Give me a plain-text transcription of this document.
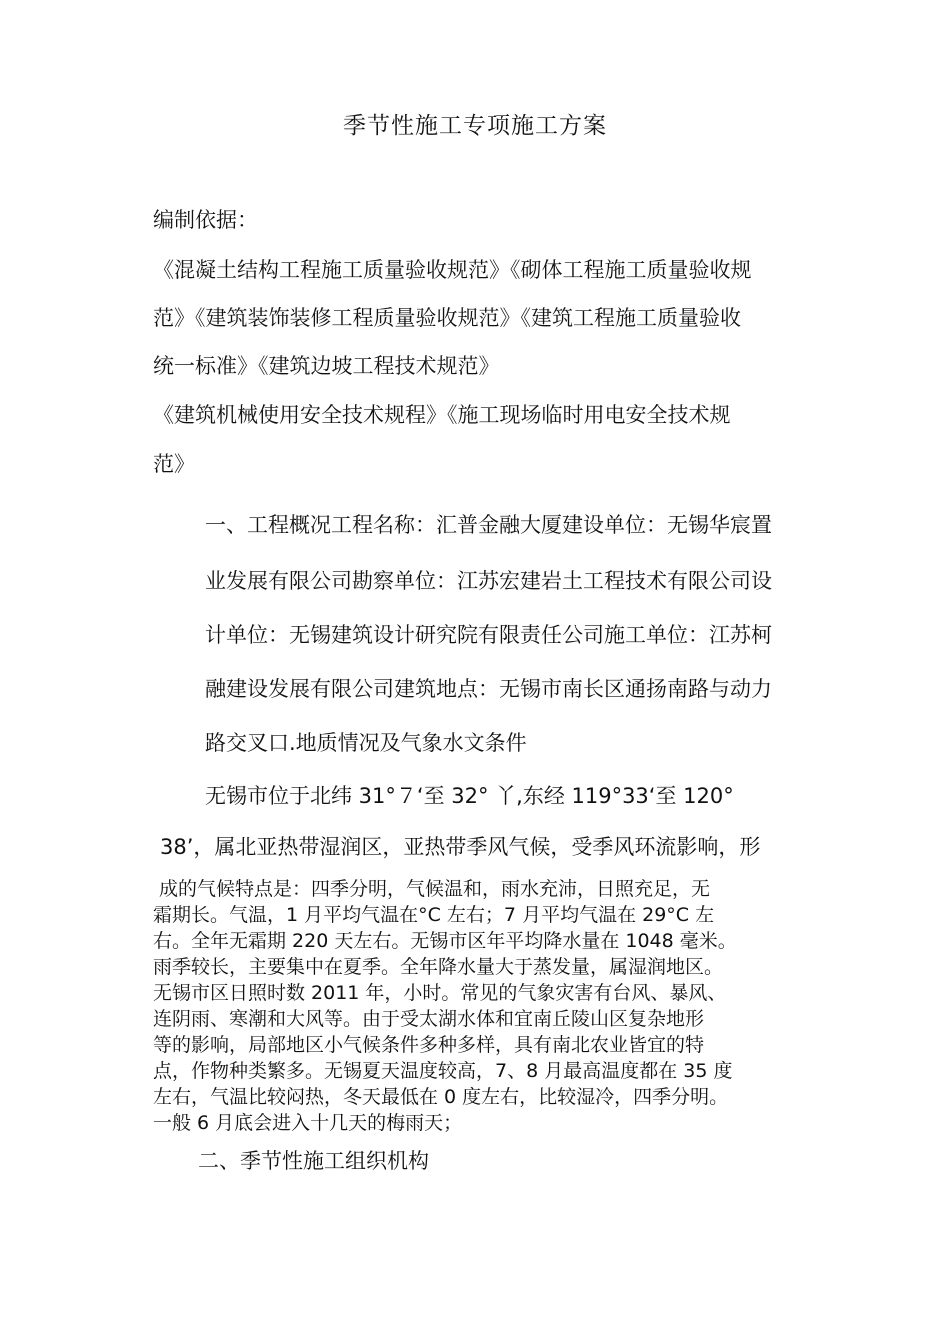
季节性施工专项施工方案
编制依据：
《混凝土结构工程施工质量验收规范》《砌体工程施工质量验收规
范》《建筑装饰装修工程质量验收规范》《建筑工程施工质量验收
统一标准》《建筑边坡工程技术规范》
《建筑机械使用安全技术规程》《施工现场临时用电安全技术规
范》
一、工程概况工程名称：汇普金融大厦建设单位：无锡华宸置
业发展有限公司勘察单位：江苏宏建岩土工程技术有限公司设
计单位：无锡建筑设计研究院有限责任公司施工单位：江苏柯
融建设发展有限公司建筑地点：无锡市南长区通扬南路与动力
路交叉口.地质情况及气象水文条件
无锡市位于北纬 31°７‘至 32° 丫,东经 119°33‘至 120°
38’，属北亚热带湿润区，亚热带季风气候，受季风环流影响，形
成的气候特点是：四季分明，气候温和，雨水充沛，日照充足，无
霜期长。气温，1 月平均气温在°C 左右；7 月平均气温在 29°C 左
右。全年无霜期 220 天左右。无锡市区年平均降水量在 1048 毫米。
雨季较长，主要集中在夏季。全年降水量大于蒸发量，属湿润地区。
无锡市区日照时数 2011 年，小时。常见的气象灾害有台风、暴风、
连阴雨、寒潮和大风等。由于受太湖水体和宜南丘陵山区复杂地形
等的影响，局部地区小气候条件多种多样，具有南北农业皆宜的特
点，作物种类繁多。无锡夏天温度较高，7、8 月最高温度都在 35 度
左右，气温比较闷热，冬天最低在 0 度左右，比较湿冷，四季分明。
一般 6 月底会进入十几天的梅雨天；
二、季节性施工组织机构
